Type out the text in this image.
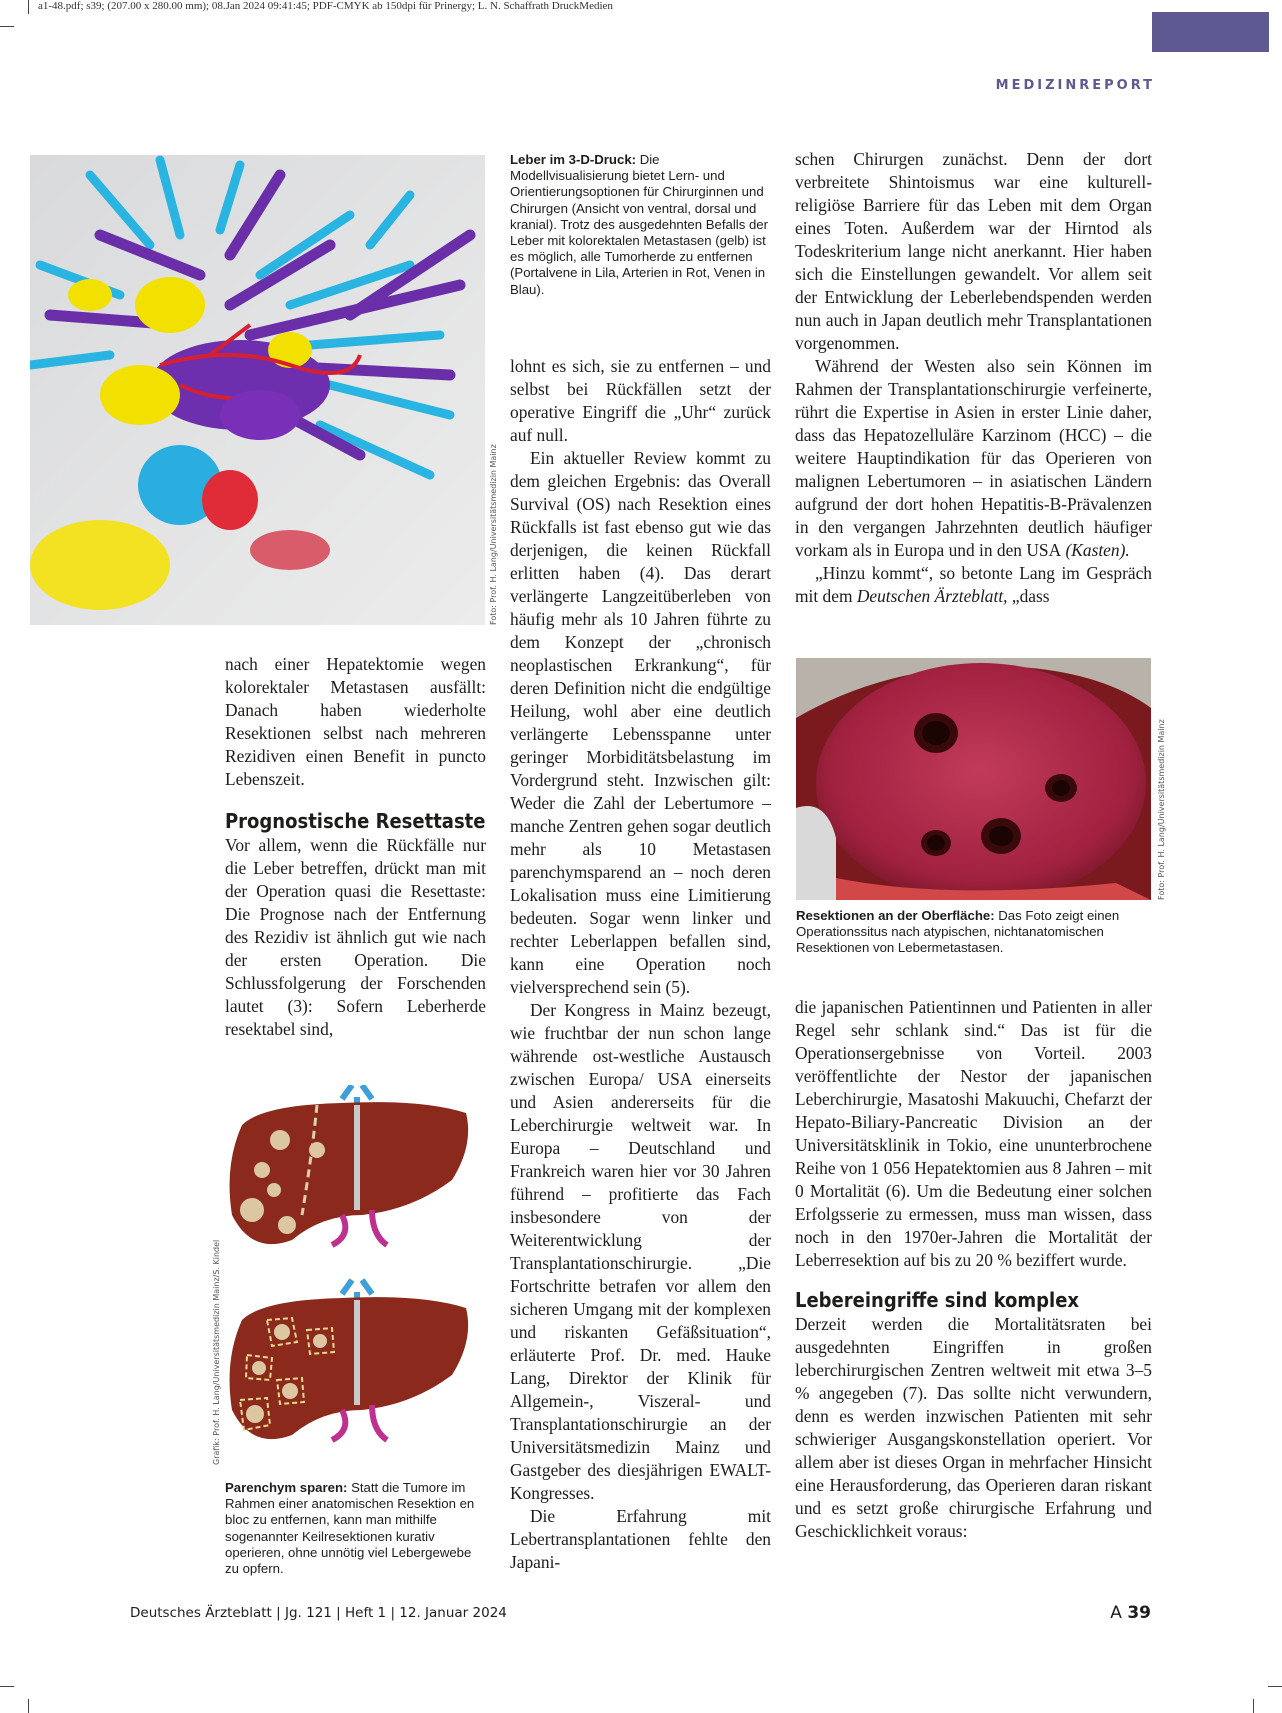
a1-48.pdf; s39; (207.00 x 280.00 mm); 08.Jan 2024 09:41:45; PDF-CMYK ab 150dpi für Prinergy; L. N. Schaffrath DruckMedien
MEDIZINREPORT
Foto: Prof. H. Lang/Universitätsmedizin Mainz
Leber im 3-D-Druck: Die Modellvisualisierung bietet Lern- und Orientierungsoptionen für Chirurginnen und Chirurgen (Ansicht von ventral, dorsal und kranial). Trotz des ausgedehnten Befalls der Leber mit kolorektalen Metastasen (gelb) ist es möglich, alle Tumorherde zu entfernen (Portalvene in Lila, Arterien in Rot, Venen in Blau).

nach einer Hepatektomie wegen kolorektaler Metastasen ausfällt: Danach haben wiederholte Resektionen selbst nach mehreren Rezidiven einen Benefit in puncto Lebenszeit.

Prognostische Resettaste

Vor allem, wenn die Rückfälle nur die Leber betreffen, drückt man mit der Operation quasi die Resettaste: Die Prognose nach der Entfernung des Rezidiv ist ähnlich gut wie nach der ersten Operation. Die Schlussfolgerung der Forschenden lautet (3): Sofern Leberherde resektabel sind,

Grafik: Prof. H. Lang/Universitätsmedizin Mainz/S. Kindel
Parenchym sparen: Statt die Tumore im Rahmen einer anatomischen Resektion en bloc zu entfernen, kann man mithilfe sogenannter Keilresektionen kurativ operieren, ohne unnötig viel Lebergewebe zu opfern.

lohnt es sich, sie zu entfernen – und selbst bei Rückfällen setzt der operative Eingriff die „Uhr“ zurück auf null.

Ein aktueller Review kommt zu dem gleichen Ergebnis: das Overall Survival (OS) nach Resektion eines Rückfalls ist fast ebenso gut wie das derjenigen, die keinen Rückfall erlitten haben (4). Das derart verlängerte Langzeitüberleben von häufig mehr als 10 Jahren führte zu dem Konzept der „chronisch neoplastischen Erkrankung“, für deren Definition nicht die endgültige Heilung, wohl aber eine deutlich verlängerte Lebensspanne unter geringer Morbiditätsbelastung im Vordergrund steht. Inzwischen gilt: Weder die Zahl der Lebertumore – manche Zentren gehen sogar deutlich mehr als 10 Metastasen parenchymsparend an – noch deren Lokalisation muss eine Limitierung bedeuten. Sogar wenn linker und rechter Leberlappen befallen sind, kann eine Operation noch vielversprechend sein (5).

Der Kongress in Mainz bezeugt, wie fruchtbar der nun schon lange währende ost-westliche Austausch zwischen Europa/ USA einerseits und Asien andererseits für die Leberchirurgie weltweit war. In Europa – Deutschland und Frankreich waren hier vor 30 Jahren führend – profitierte das Fach insbesondere von der Weiterentwicklung der Transplantationschirurgie. „Die Fortschritte betrafen vor allem den sicheren Umgang mit der komplexen und riskanten Gefäßsituation“, erläuterte Prof. Dr. med. Hauke Lang, Direktor der Klinik für Allgemein-, Viszeral- und Transplantationschirurgie an der Universitätsmedizin Mainz und Gastgeber des diesjährigen EWALT-Kongresses.

Die Erfahrung mit Lebertransplantationen fehlte den Japani-

schen Chirurgen zunächst. Denn der dort verbreitete Shintoismus war eine kulturell-religiöse Barriere für das Leben mit dem Organ eines Toten. Außerdem war der Hirntod als Todeskriterium lange nicht anerkannt. Hier haben sich die Einstellungen gewandelt. Vor allem seit der Entwicklung der Leberlebendspenden werden nun auch in Japan deutlich mehr Transplantationen vorgenommen.

Während der Westen also sein Können im Rahmen der Transplantationschirurgie verfeinerte, rührt die Expertise in Asien in erster Linie daher, dass das Hepatozelluläre Karzinom (HCC) – die weitere Hauptindikation für das Operieren von malignen Lebertumoren – in asiatischen Ländern aufgrund der dort hohen Hepatitis-B-Prävalenzen in den vergangen Jahrzehnten deutlich häufiger vorkam als in Europa und in den USA (Kasten).

„Hinzu kommt“, so betonte Lang im Gespräch mit dem Deutschen Ärzteblatt, „dass

Foto: Prof. H. Lang/Universitätsmedizin Mainz
Resektionen an der Oberfläche: Das Foto zeigt einen Operationssitus nach atypischen, nichtanatomischen Resektionen von Lebermetastasen.

die japanischen Patientinnen und Patienten in aller Regel sehr schlank sind.“ Das ist für die Operationsergebnisse von Vorteil. 2003 veröffentlichte der Nestor der japanischen Leberchirurgie, Masatoshi Makuuchi, Chefarzt der Hepato-Biliary-Pancreatic Division an der Universitätsklinik in Tokio, eine ununterbrochene Reihe von 1 056 Hepatektomien aus 8 Jahren – mit 0 Mortalität (6). Um die Bedeutung einer solchen Erfolgsserie zu ermessen, muss man wissen, dass noch in den 1970er-Jahren die Mortalität der Leberresektion auf bis zu 20 % beziffert wurde.

Lebereingriffe sind komplex

Derzeit werden die Mortalitätsraten bei ausgedehnten Eingriffen in großen leberchirurgischen Zentren weltweit mit etwa 3–5 % angegeben (7). Das sollte nicht verwundern, denn es werden inzwischen Patienten mit sehr schwieriger Ausgangskonstellation operiert. Vor allem aber ist dieses Organ in mehrfacher Hinsicht eine Herausforderung, das Operieren daran riskant und es setzt große chirurgische Erfahrung und Geschicklichkeit voraus:

Deutsches Ärzteblatt | Jg. 121 | Heft 1 | 12. Januar 2024	A 39
